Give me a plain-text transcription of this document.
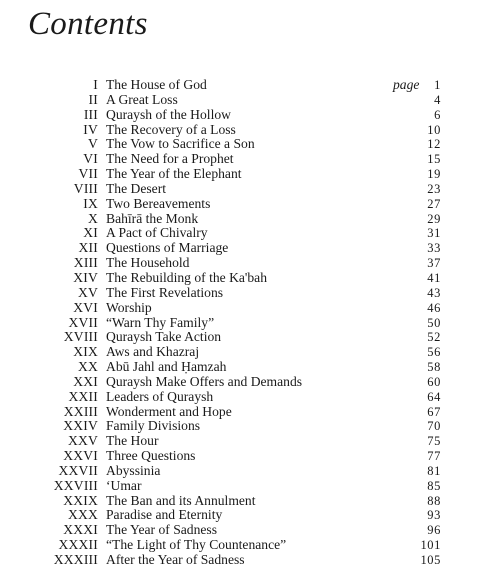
Contents
I The House of God	page 1
II A Great Loss	4
III Quraysh of the Hollow	6
IV The Recovery of a Loss	10
V The Vow to Sacrifice a Son	12
VI The Need for a Prophet	15
VII The Year of the Elephant	19
VIII The Desert	23
IX Two Bereavements	27
X Bahīrā the Monk	29
XI A Pact of Chivalry	31
XII Questions of Marriage	33
XIII The Household	37
XIV The Rebuilding of the Ka'bah	41
XV The First Revelations	43
XVI Worship	46
XVII “Warn Thy Family”	50
XVIII Quraysh Take Action	52
XIX Aws and Khazraj	56
XX Abū Jahl and Ḥamzah	58
XXI Quraysh Make Offers and Demands	60
XXII Leaders of Quraysh	64
XXIII Wonderment and Hope	67
XXIV Family Divisions	70
XXV The Hour	75
XXVI Three Questions	77
XXVII Abyssinia	81
XXVIII ‘Umar	85
XXIX The Ban and its Annulment	88
XXX Paradise and Eternity	93
XXXI The Year of Sadness	96
XXXII “The Light of Thy Countenance”	101
XXXIII After the Year of Sadness	105
